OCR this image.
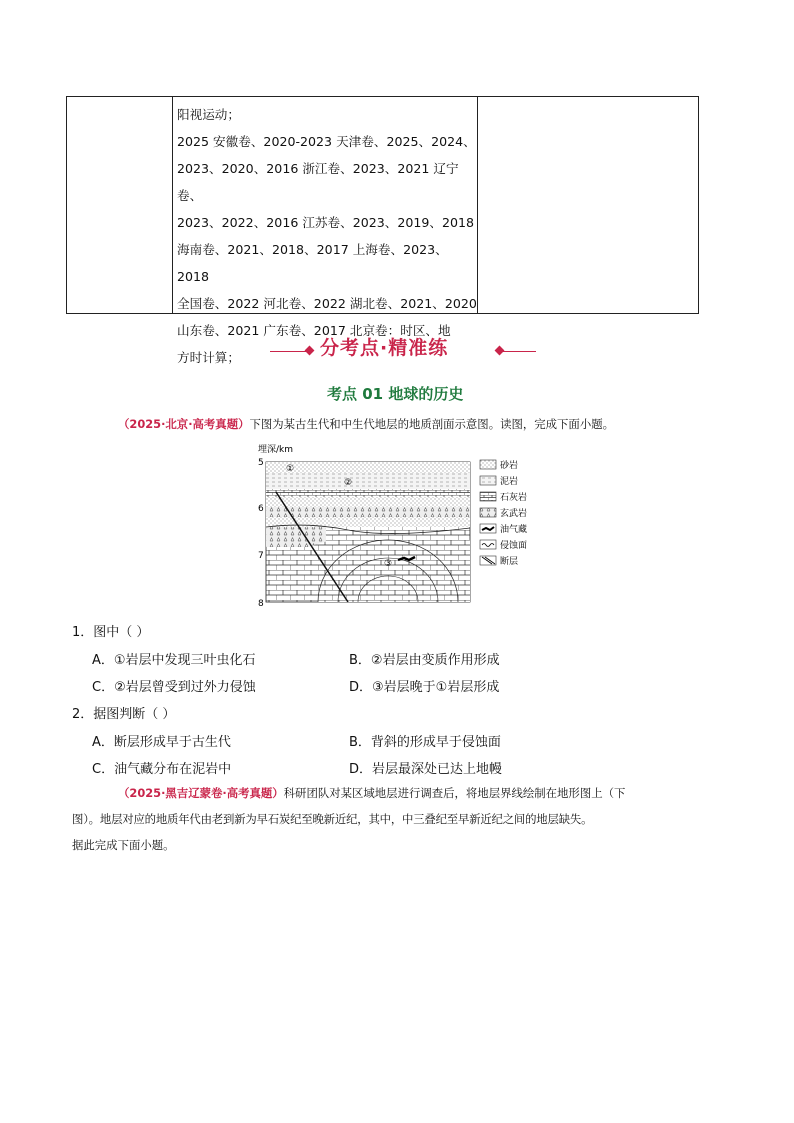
阳视运动；
2025 安徽卷、2020-2023 天津卷、2025、2024、
2023、2020、2016 浙江卷、2023、2021 辽宁卷、
2023、2022、2016 江苏卷、2023、2019、2018
海南卷、2021、2018、2017 上海卷、2023、2018
全国卷、2022 河北卷、2022 湖北卷、2021、2020
山东卷、2021 广东卷、2017 北京卷：时区、地
方时计算；	分考点·精准练
考点 01 地球的历史
（2025·北京·高考真题）下图为某古生代和中生代地层的地质剖面示意图。读图，完成下面小题。
埋深/km
5
6
7
8
①
②
③
砂岩
泥岩
石灰岩
玄武岩
油气藏
侵蚀面
断层
1．图中（ ）
A．①岩层中发现三叶虫化石	B．②岩层由变质作用形成
C．②岩层曾受到过外力侵蚀	D．③岩层晚于①岩层形成
2．据图判断（ ）
A．断层形成早于古生代	B．背斜的形成早于侵蚀面
C．油气藏分布在泥岩中	D．岩层最深处已达上地幔
（2025·黑吉辽蒙卷·高考真题）科研团队对某区域地层进行调查后，将地层界线绘制在地形图上（下
图）。地层对应的地质年代由老到新为早石炭纪至晚新近纪，其中，中三叠纪至早新近纪之间的地层缺失。
据此完成下面小题。
